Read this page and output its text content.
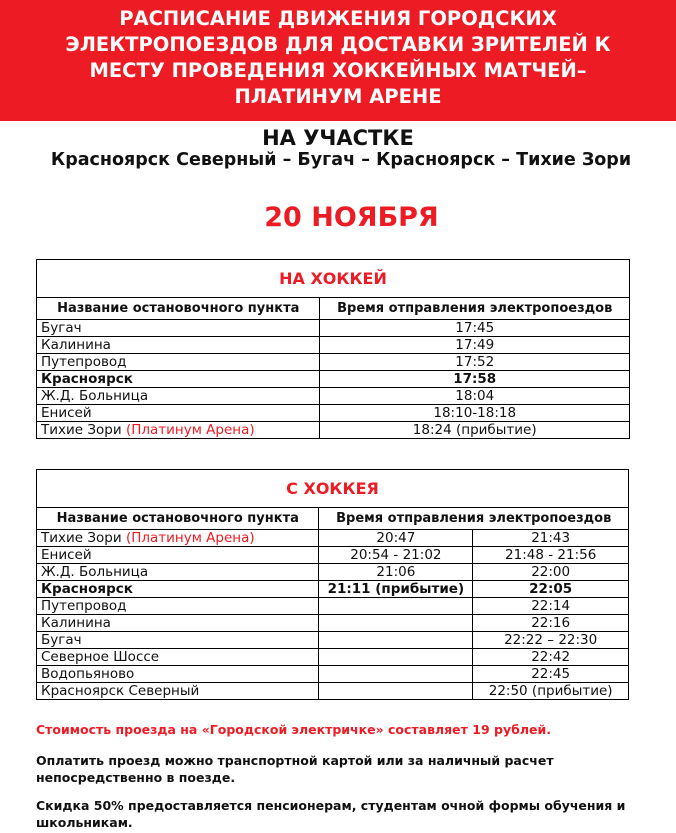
РАСПИСАНИЕ ДВИЖЕНИЯ ГОРОДСКИХ
ЭЛЕКТРОПОЕЗДОВ ДЛЯ ДОСТАВКИ ЗРИТЕЛЕЙ К
МЕСТУ ПРОВЕДЕНИЯ ХОККЕЙНЫХ МАТЧЕЙ–
ПЛАТИНУМ АРЕНЕ
НА УЧАСТКЕ
Красноярск Северный – Бугач – Красноярск – Тихие Зори
20 НОЯБРЯ
НА ХОККЕЙ	
Название остановочного пункта	Время отправления электропоездов
Бугач	17:45
Калинина	17:49
Путепровод	17:52
Красноярск	17:58
Ж.Д. Больница	18:04
Енисей	18:10-18:18
Тихие Зори (Платинум Арена)	18:24 (прибытие)
С ХОККЕЯ		
Название остановочного пункта	Время отправления электропоездов	
Тихие Зори (Платинум Арена)	20:47	21:43
Енисей	20:54 - 21:02	21:48 - 21:56
Ж.Д. Больница	21:06	22:00
Красноярск	21:11 (прибытие)	22:05
Путепровод		22:14
Калинина		22:16
Бугач		22:22 – 22:30
Северное Шоссе		22:42
Водопьяново		22:45
Красноярск Северный		22:50 (прибытие)
Стоимость проезда на «Городской электричке» составляет 19 рублей.
Оплатить проезд можно транспортной картой или за наличный расчет
непосредственно в поезде.
Скидка 50% предоставляется пенсионерам, студентам очной формы обучения и
школьникам.
